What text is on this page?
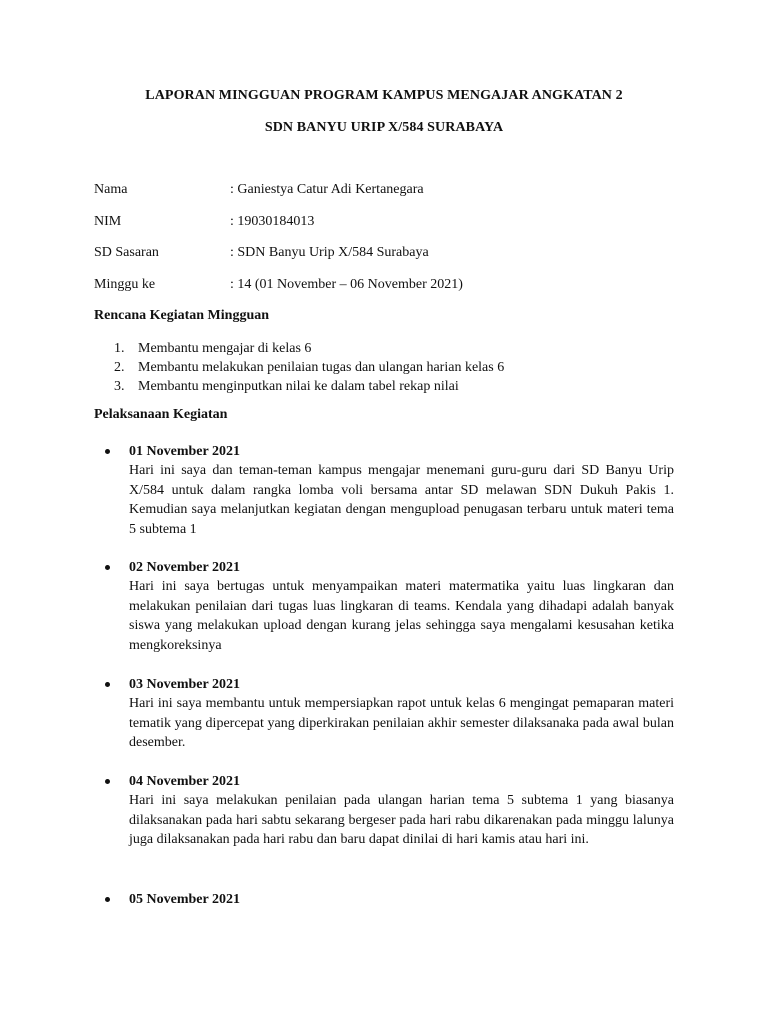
LAPORAN MINGGUAN PROGRAM KAMPUS MENGAJAR ANGKATAN 2
SDN BANYU URIP X/584 SURABAYA
Nama	: Ganiestya Catur Adi Kertanegara
NIM	: 19030184013
SD Sasaran	: SDN Banyu Urip X/584 Surabaya
Minggu ke	: 14 (01 November – 06 November 2021)
Rencana Kegiatan Mingguan
1. Membantu mengajar di kelas 6
2. Membantu melakukan penilaian tugas dan ulangan harian kelas 6
3. Membantu menginputkan nilai ke dalam tabel rekap nilai
Pelaksanaan Kegiatan
01 November 2021
Hari ini saya dan teman-teman kampus mengajar menemani guru-guru dari SD Banyu Urip X/584 untuk dalam rangka lomba voli bersama antar SD melawan SDN Dukuh Pakis 1. Kemudian saya melanjutkan kegiatan dengan mengupload penugasan terbaru untuk materi tema 5 subtema 1
02 November 2021
Hari ini saya bertugas untuk menyampaikan materi matermatika yaitu luas lingkaran dan melakukan penilaian dari tugas luas lingkaran di teams. Kendala yang dihadapi adalah banyak siswa yang melakukan upload dengan kurang jelas sehingga saya mengalami kesusahan ketika mengkoreksinya
03 November 2021
Hari ini saya membantu untuk mempersiapkan rapot untuk kelas 6 mengingat pemaparan materi tematik yang dipercepat yang diperkirakan penilaian akhir semester dilaksanaka pada awal bulan desember.
04 November 2021
Hari ini saya melakukan penilaian pada ulangan harian tema 5 subtema 1 yang biasanya dilaksanakan pada hari sabtu sekarang bergeser pada hari rabu dikarenakan pada minggu lalunya juga dilaksanakan pada hari rabu dan baru dapat dinilai di hari kamis atau hari ini.
05 November 2021
